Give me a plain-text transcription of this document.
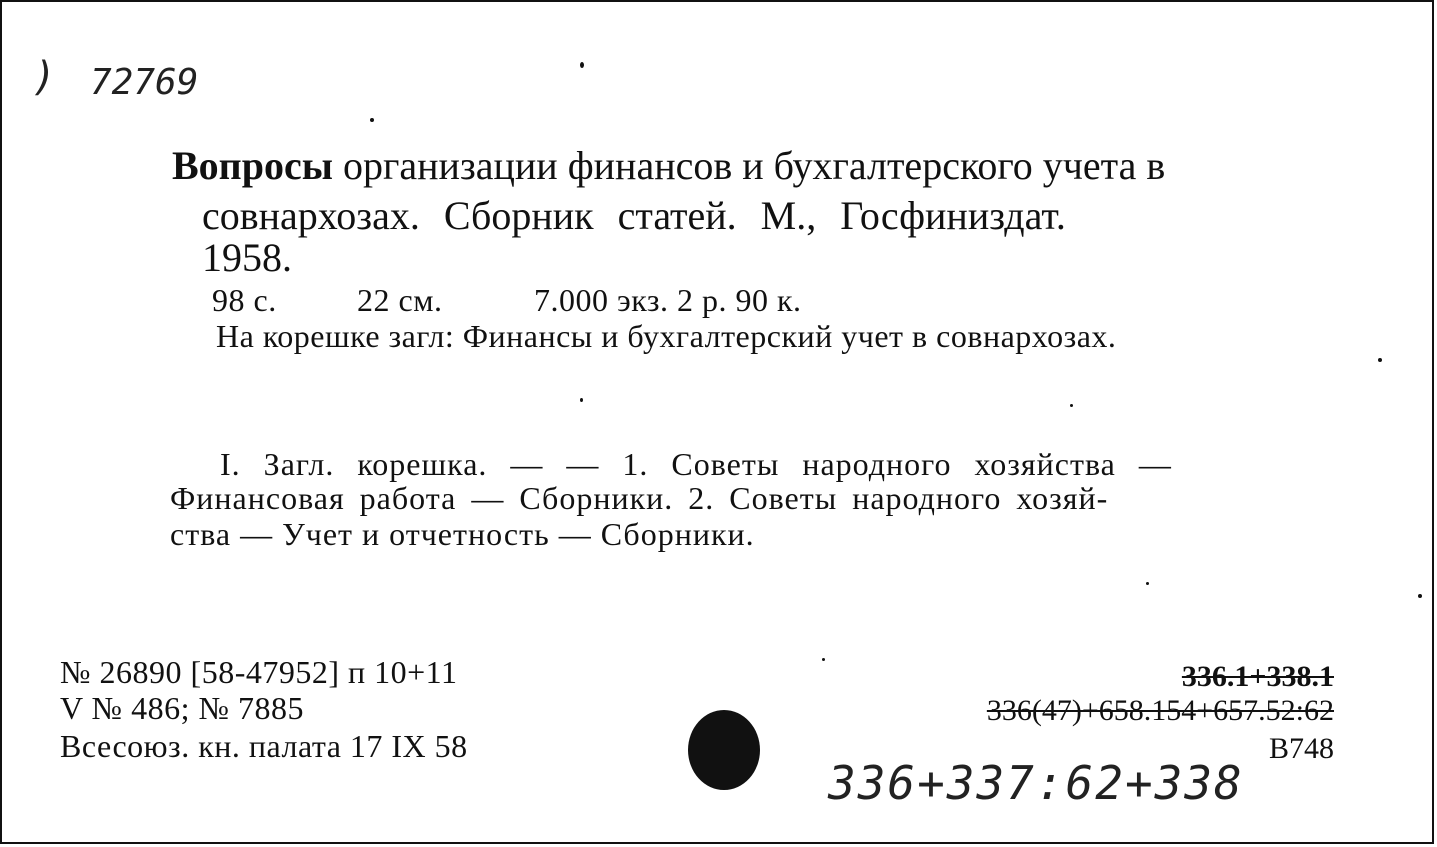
) 72769
Вопросы организации финансов и бухгалтерского учета в
совнархозах. Сборник статей. М., Госфиниздат.
1958.
98 с.	22 см.	7.000 экз. 2 р. 90 к.
На корешке загл: Финансы и бухгалтерский учет в совнархозах.
I. Загл. корешка. — — 1. Советы народного хозяйства —
Финансовая работа — Сборники. 2. Советы народного хозяй-
ства — Учет и отчетность — Сборники.
№ 26890 [58-47952] п 10+11
V № 486; № 7885
Всесоюз. кн. палата 17 IX 58
336.1+338.1
336(47)+658.154+657.52:62
В748
336+337:62+338
